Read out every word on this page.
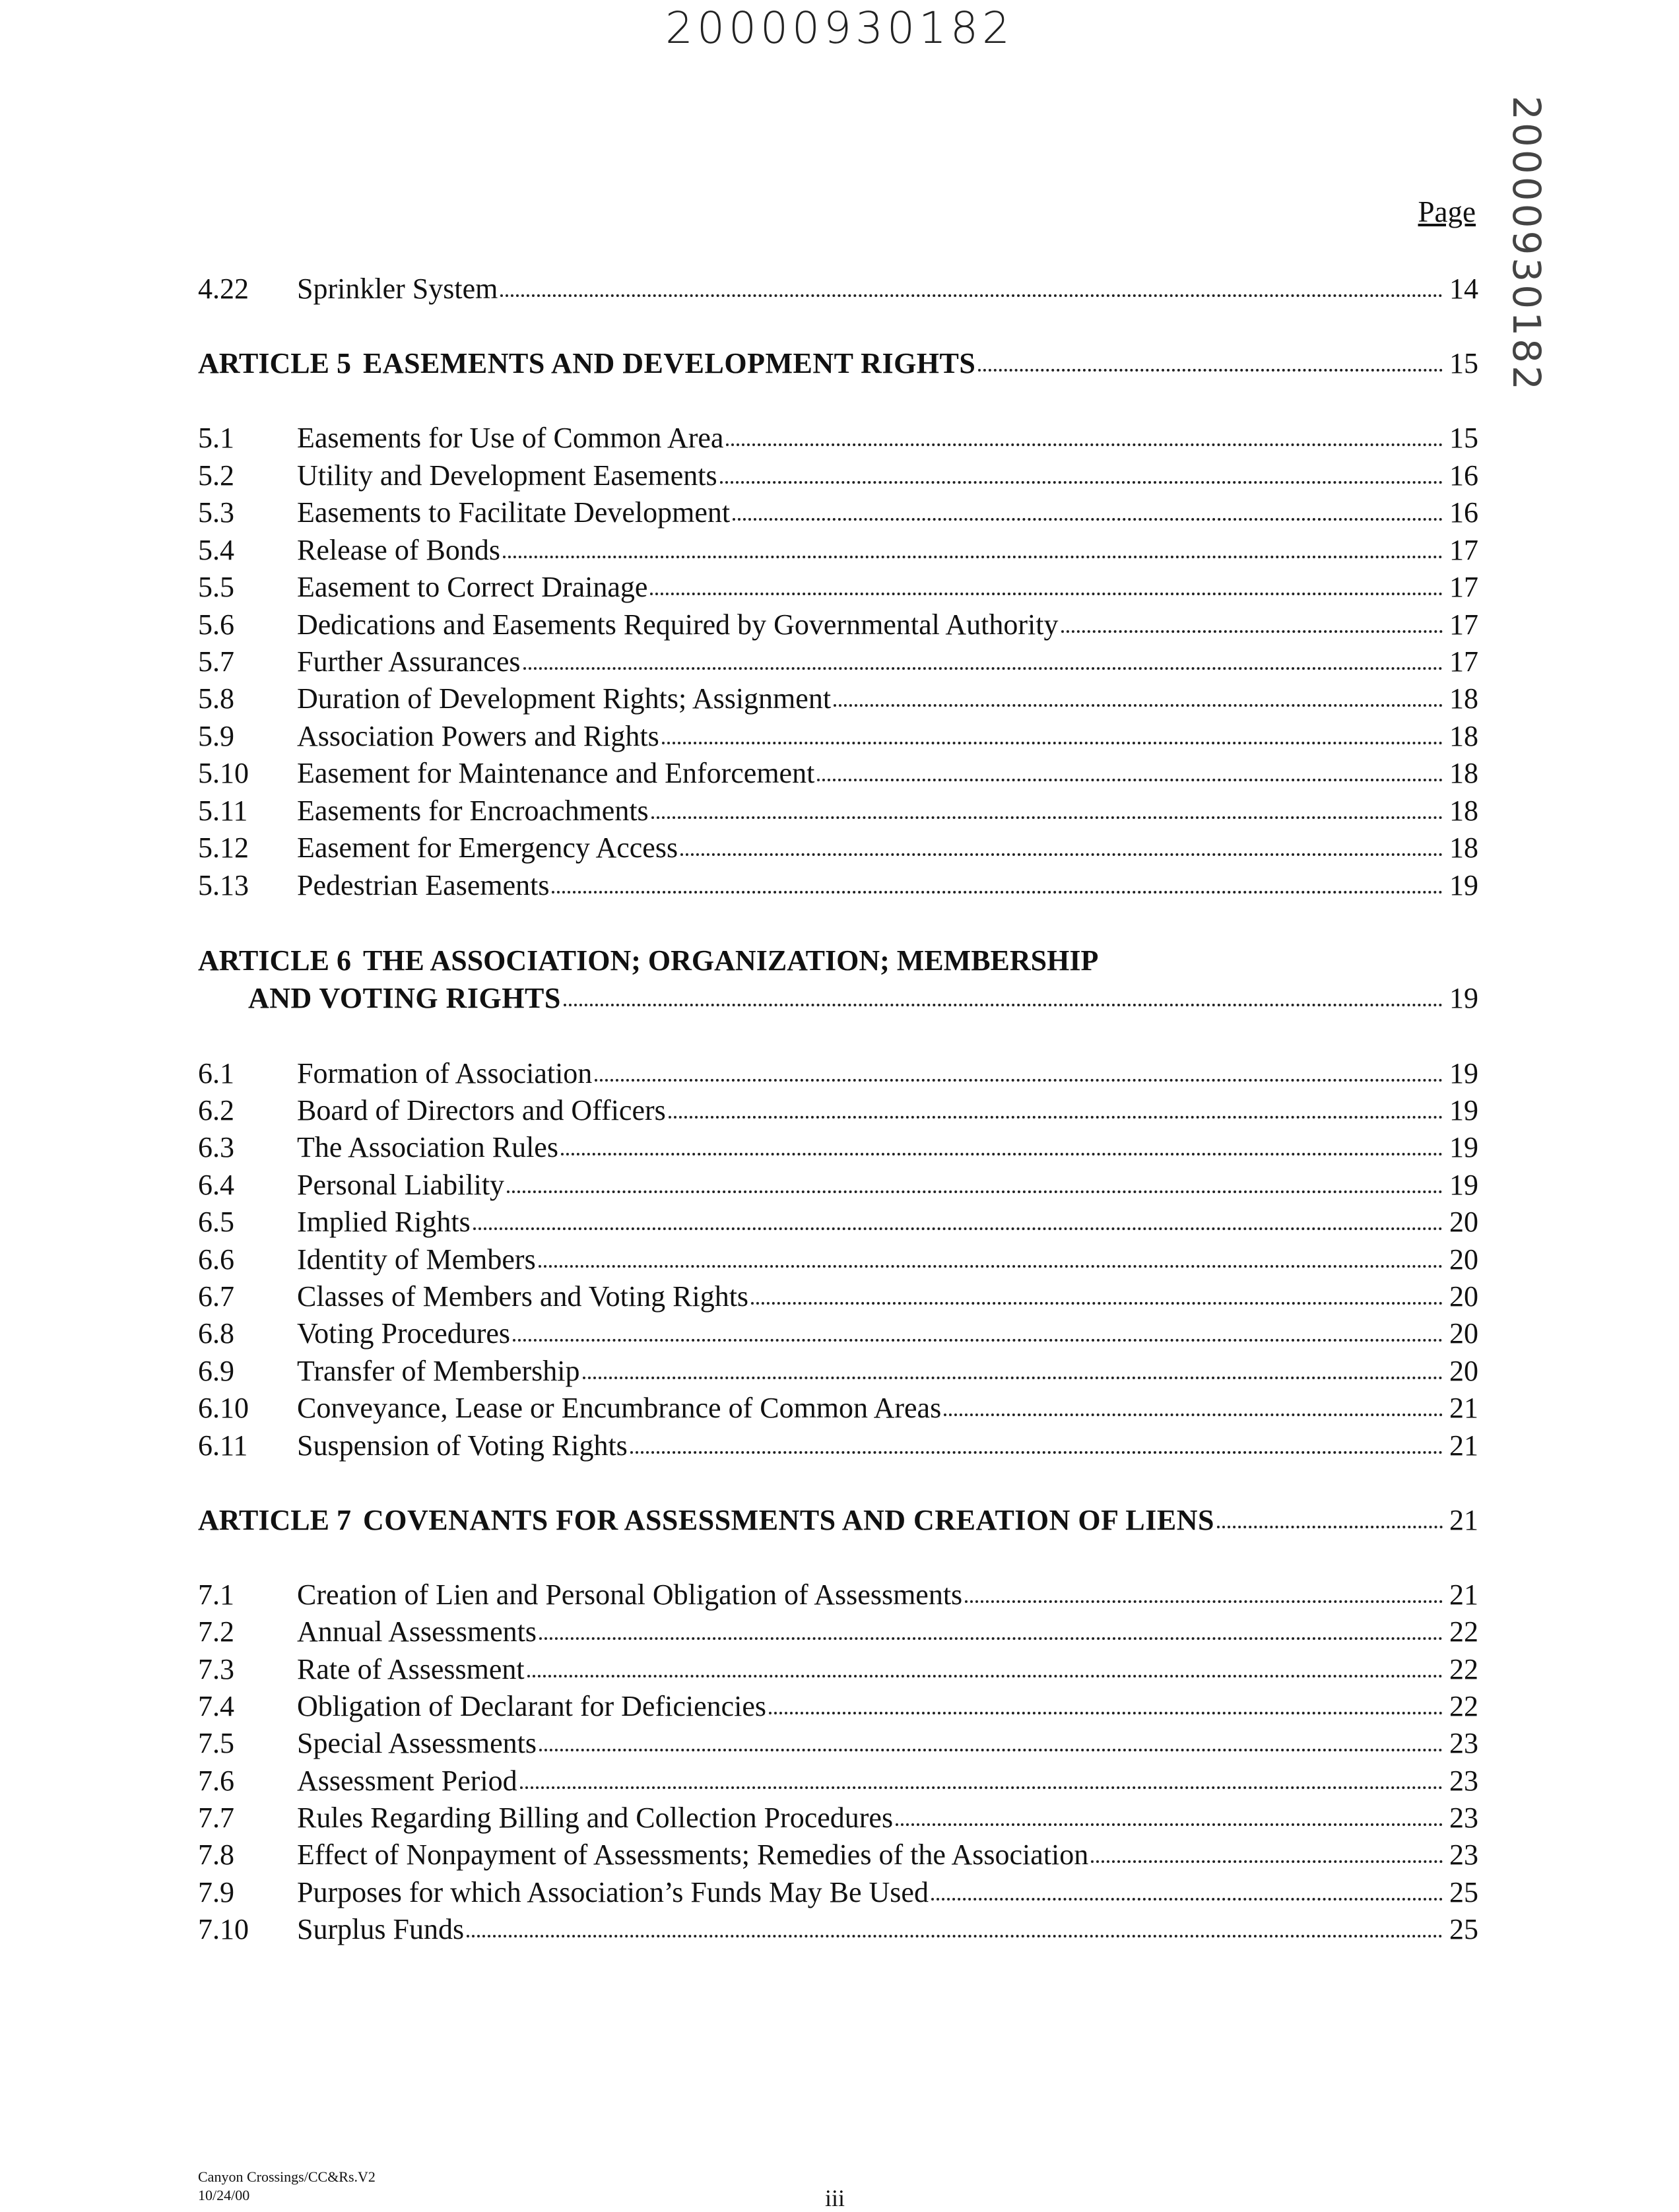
20000930182
20000930182
Page
4.22	Sprinkler System	14
ARTICLE 5 EASEMENTS AND DEVELOPMENT RIGHTS	15
5.1	Easements for Use of Common Area	15
5.2	Utility and Development Easements	16
5.3	Easements to Facilitate Development	16
5.4	Release of Bonds	17
5.5	Easement to Correct Drainage	17
5.6	Dedications and Easements Required by Governmental Authority	17
5.7	Further Assurances	17
5.8	Duration of Development Rights; Assignment	18
5.9	Association Powers and Rights	18
5.10	Easement for Maintenance and Enforcement	18
5.11	Easements for Encroachments	18
5.12	Easement for Emergency Access	18
5.13	Pedestrian Easements	19
ARTICLE 6 THE ASSOCIATION; ORGANIZATION; MEMBERSHIP
AND VOTING RIGHTS	19
6.1	Formation of Association	19
6.2	Board of Directors and Officers	19
6.3	The Association Rules	19
6.4	Personal Liability	19
6.5	Implied Rights	20
6.6	Identity of Members	20
6.7	Classes of Members and Voting Rights	20
6.8	Voting Procedures	20
6.9	Transfer of Membership	20
6.10	Conveyance, Lease or Encumbrance of Common Areas	21
6.11	Suspension of Voting Rights	21
ARTICLE 7 COVENANTS FOR ASSESSMENTS AND CREATION OF LIENS	21
7.1	Creation of Lien and Personal Obligation of Assessments	21
7.2	Annual Assessments	22
7.3	Rate of Assessment	22
7.4	Obligation of Declarant for Deficiencies	22
7.5	Special Assessments	23
7.6	Assessment Period	23
7.7	Rules Regarding Billing and Collection Procedures	23
7.8	Effect of Nonpayment of Assessments; Remedies of the Association	23
7.9	Purposes for which Association’s Funds May Be Used	25
7.10	Surplus Funds	25
Canyon Crossings/CC&Rs.V2
10/24/00	iii
